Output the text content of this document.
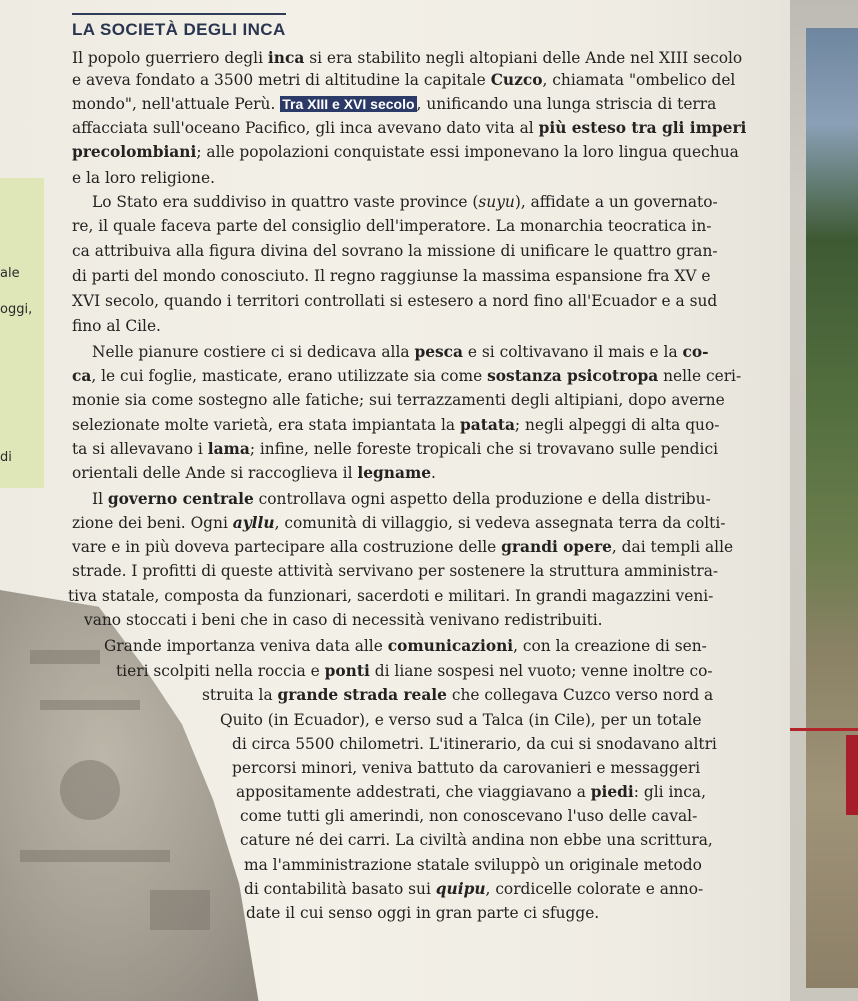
ale
oggi,
di
LA SOCIETÀ DEGLI INCA
Il popolo guerriero degli inca si era stabilito negli altopiani delle Ande nel XIII secolo
e aveva fondato a 3500 metri di altitudine la capitale Cuzco, chiamata "ombelico del
mondo", nell'attuale Perù. Tra XIII e XVI secolo , unificando una lunga striscia di terra
affacciata sull'oceano Pacifico, gli inca avevano dato vita al più esteso tra gli imperi
precolombiani; alle popolazioni conquistate essi imponevano la loro lingua quechua
e la loro religione.
Lo Stato era suddiviso in quattro vaste province (suyu), affidate a un governato-
re, il quale faceva parte del consiglio dell'imperatore. La monarchia teocratica in-
ca attribuiva alla figura divina del sovrano la missione di unificare le quattro gran-
di parti del mondo conosciuto. Il regno raggiunse la massima espansione fra XV e
XVI secolo, quando i territori controllati si estesero a nord fino all'Ecuador e a sud
fino al Cile.
Nelle pianure costiere ci si dedicava alla pesca e si coltivavano il mais e la co-
ca, le cui foglie, masticate, erano utilizzate sia come sostanza psicotropa nelle ceri-
monie sia come sostegno alle fatiche; sui terrazzamenti degli altipiani, dopo averne
selezionate molte varietà, era stata impiantata la patata; negli alpeggi di alta quo-
ta si allevavano i lama; infine, nelle foreste tropicali che si trovavano sulle pendici
orientali delle Ande si raccoglieva il legname.
Il governo centrale controllava ogni aspetto della produzione e della distribu-
zione dei beni. Ogni ayllu, comunità di villaggio, si vedeva assegnata terra da colti-
vare e in più doveva partecipare alla costruzione delle grandi opere, dai templi alle
strade. I profitti di queste attività servivano per sostenere la struttura amministra-
tiva statale, composta da funzionari, sacerdoti e militari. In grandi magazzini veni-
vano stoccati i beni che in caso di necessità venivano redistribuiti.
Grande importanza veniva data alle comunicazioni, con la creazione di sen-
tieri scolpiti nella roccia e ponti di liane sospesi nel vuoto; venne inoltre co-
struita la grande strada reale che collegava Cuzco verso nord a
Quito (in Ecuador), e verso sud a Talca (in Cile), per un totale
di circa 5500 chilometri. L'itinerario, da cui si snodavano altri
percorsi minori, veniva battuto da carovanieri e messaggeri
appositamente addestrati, che viaggiavano a piedi: gli inca,
come tutti gli amerindi, non conoscevano l'uso delle caval-
cature né dei carri. La civiltà andina non ebbe una scrittura,
ma l'amministrazione statale sviluppò un originale metodo
di contabilità basato sui quipu, cordicelle colorate e anno-
date il cui senso oggi in gran parte ci sfugge.
